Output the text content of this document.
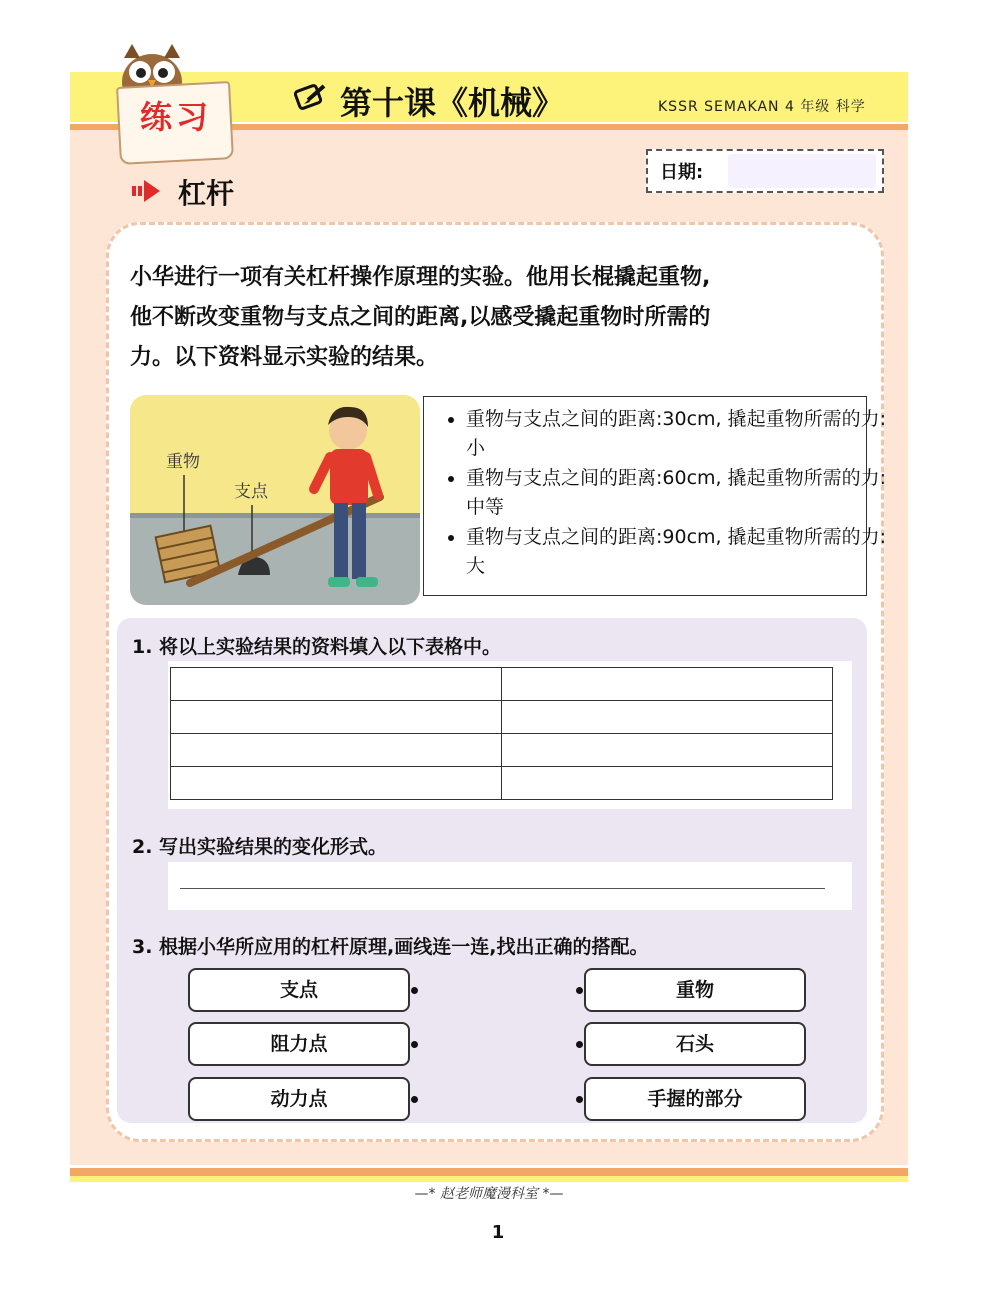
练习	第十课《机械》	KSSR SEMAKAN 4 年级 科学
日期:
杠杆
小华进行一项有关杠杆操作原理的实验。他用长棍撬起重物,
他不断改变重物与支点之间的距离,以感受撬起重物时所需的
力。以下资料显示实验的结果。
重物
支点
• 重物与支点之间的距离:30cm, 撬起重物所需的力: 小
• 重物与支点之间的距离:60cm, 撬起重物所需的力:中等
• 重物与支点之间的距离:90cm, 撬起重物所需的力:大
1. 将以上实验结果的资料填入以下表格中。

2. 写出实验结果的变化形式。
3. 根据小华所应用的杠杆原理,画线连一连,找出正确的搭配。
支点
阻力点
动力点
重物
石头
手握的部分
—* 赵老师魔漫科室 *—
1
